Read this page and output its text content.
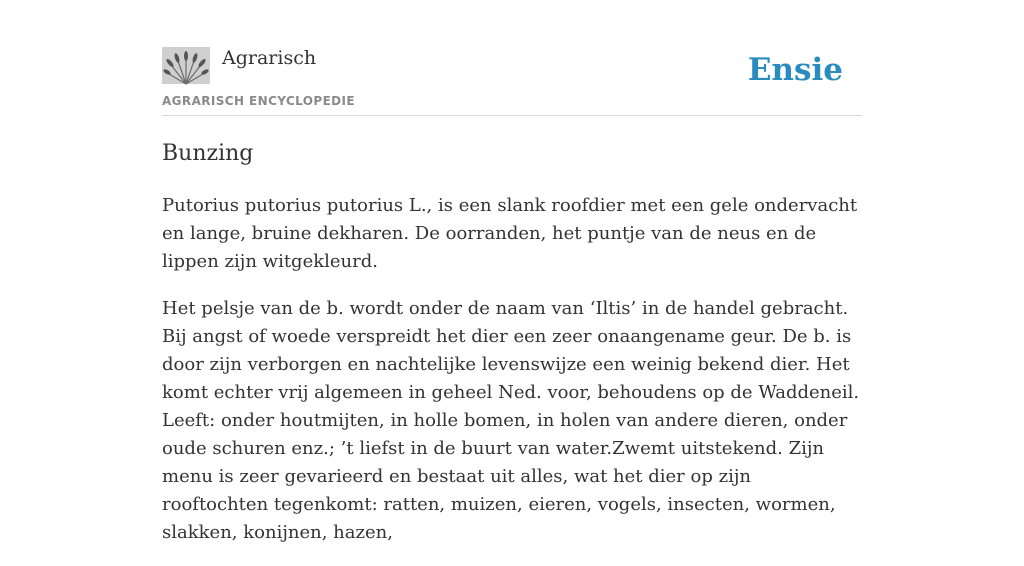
Agrarisch
AGRARISCH ENCYCLOPEDIE
Ensie
Bunzing

Putorius putorius putorius L., is een slank roofdier met een gele ondervacht en lange, bruine dekharen. De oorranden, het puntje van de neus en de lippen zijn witgekleurd.

Het pelsje van de b. wordt onder de naam van ‘Iltis’ in de handel gebracht. Bij angst of woede verspreidt het dier een zeer onaangename geur. De b. is door zijn verborgen en nachtelijke levenswijze een weinig bekend dier. Het komt echter vrij algemeen in geheel Ned. voor, behoudens op de Waddeneil. Leeft: onder houtmijten, in holle bomen, in holen van andere dieren, onder oude schuren enz.; ’t liefst in de buurt van water.Zwemt uitstekend. Zijn menu is zeer gevarieerd en bestaat uit alles, wat het dier op zijn rooftochten tegenkomt: ratten, muizen, eieren, vogels, insecten, wormen, slakken, konijnen, hazen,
